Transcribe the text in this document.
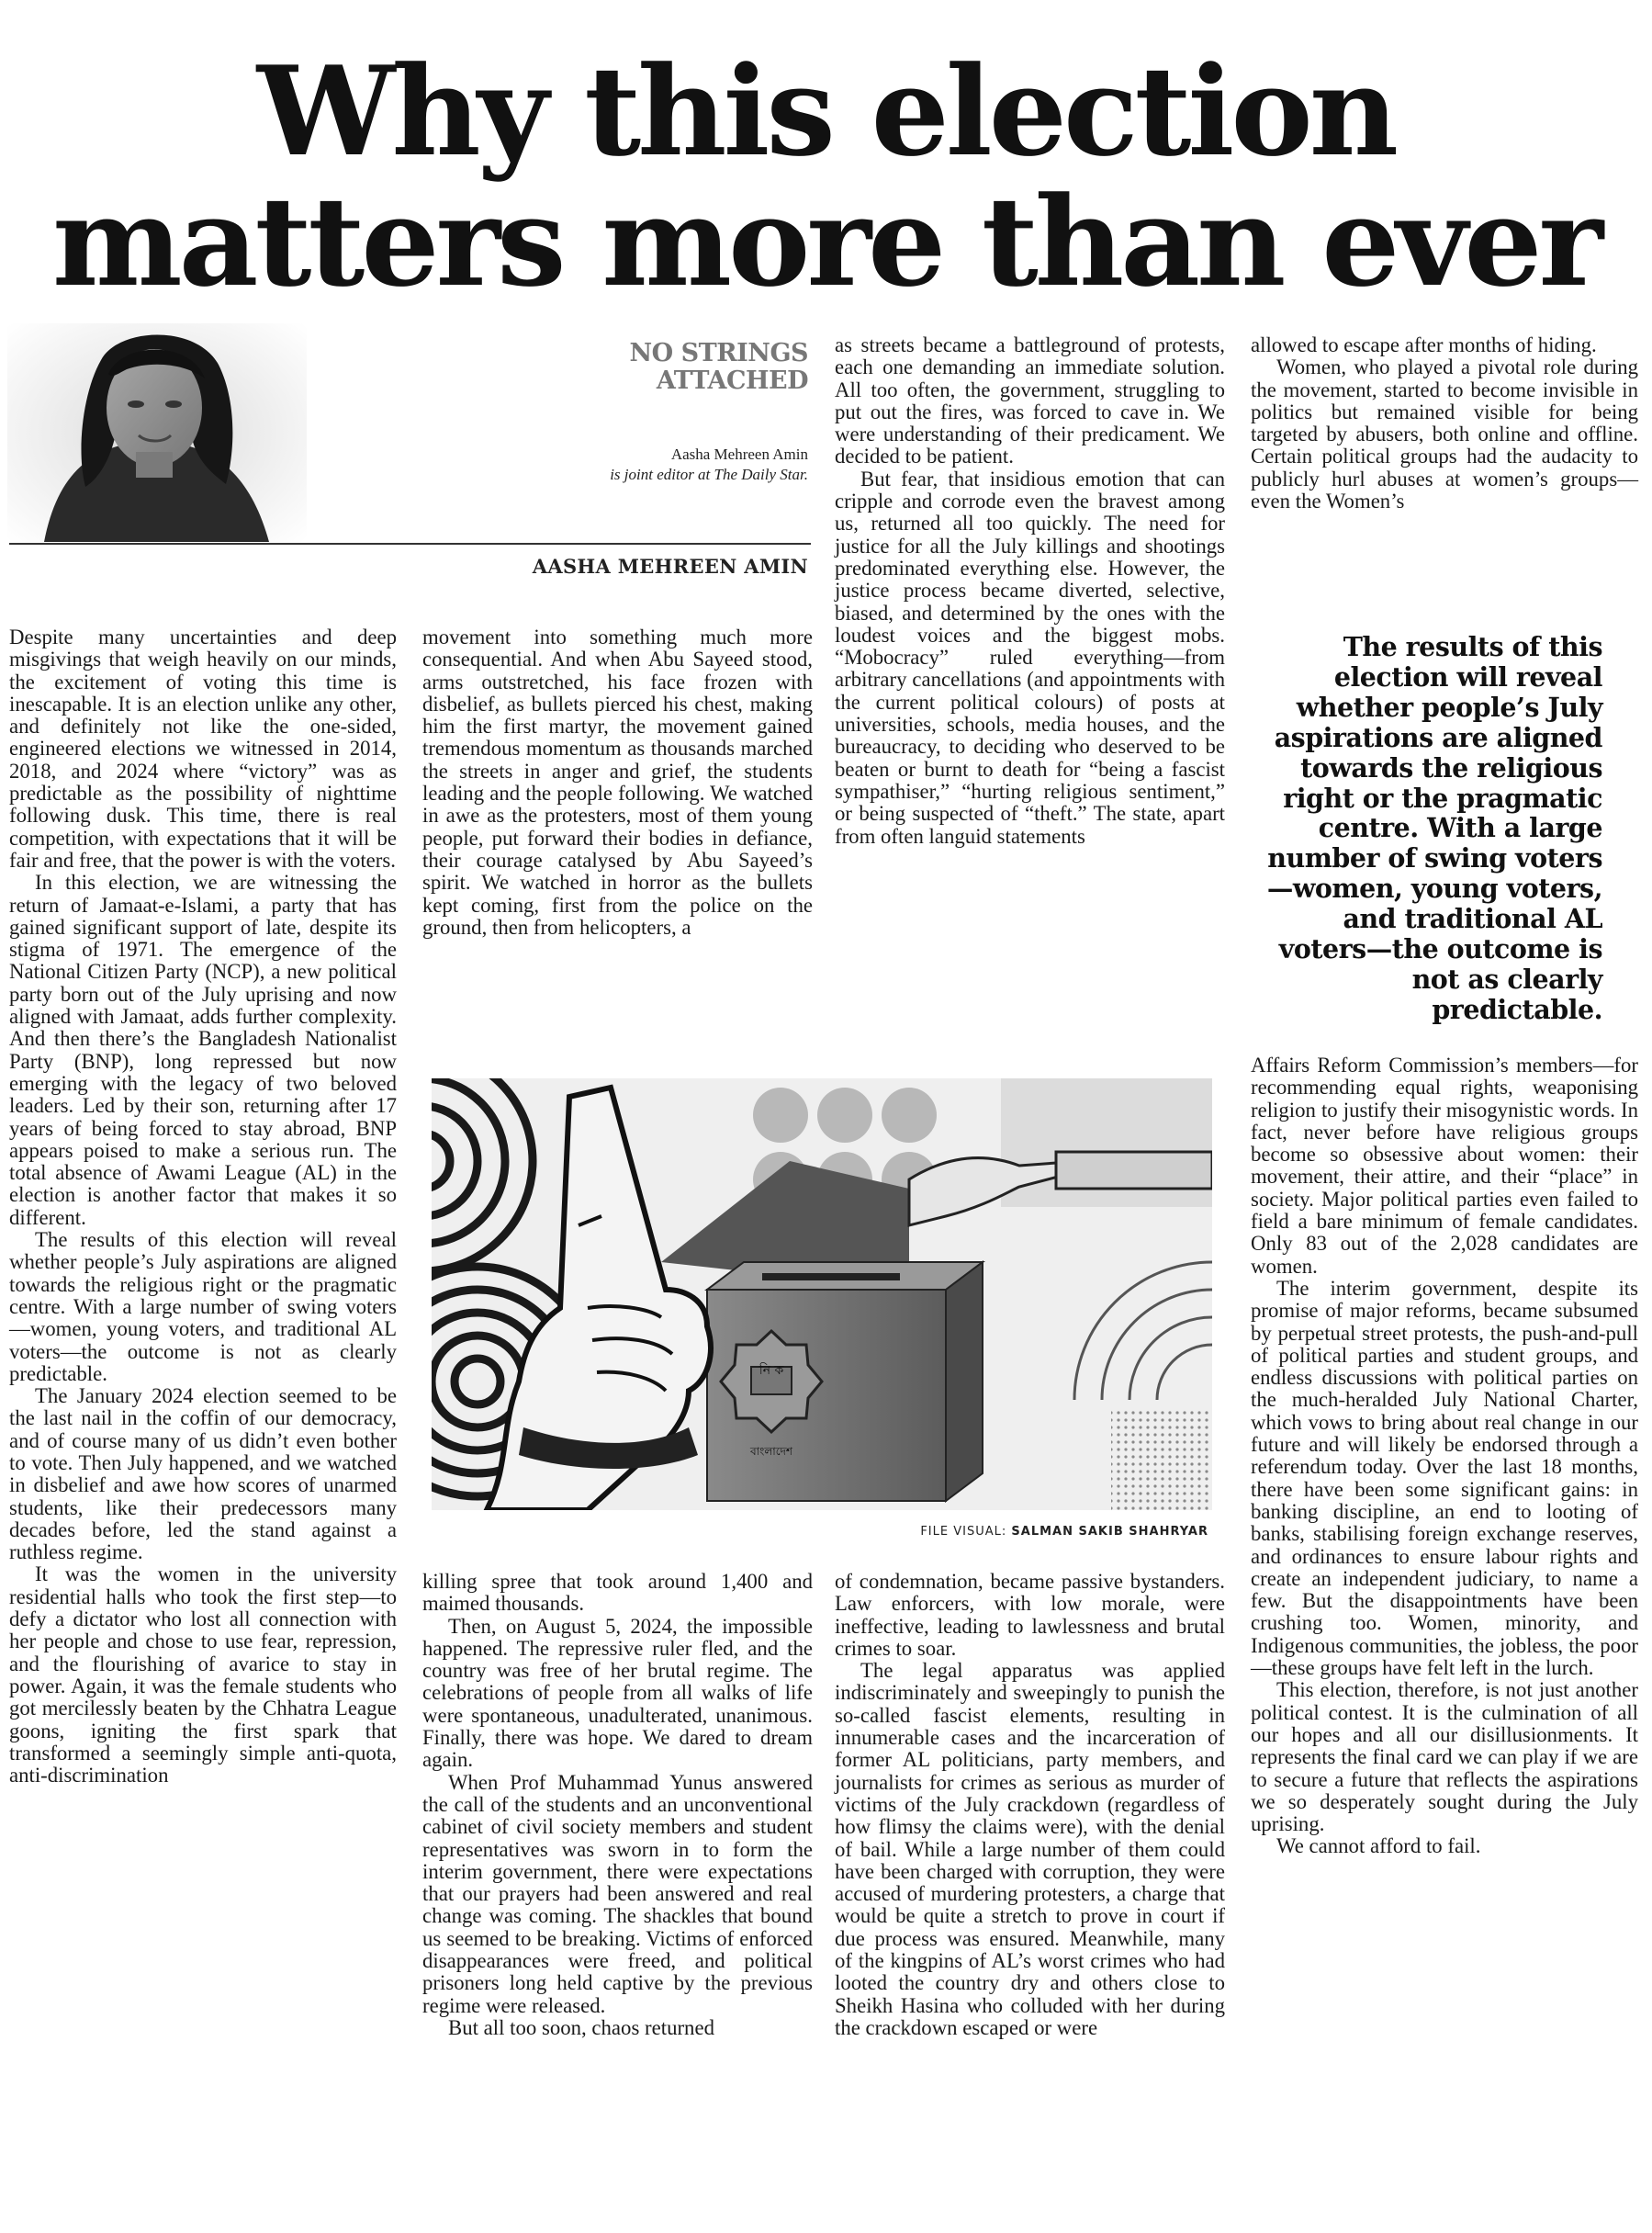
Why this election
matters more than ever
NO STRINGS
ATTACHED
Aasha Mehreen Amin
is joint editor at The Daily Star.
AASHA MEHREEN AMIN

Despite many uncertainties and deep misgivings that weigh heavily on our minds, the excitement of voting this time is inescapable. It is an election unlike any other, and definitely not like the one-sided, engineered elections we witnessed in 2014, 2018, and 2024 where “victory” was as predictable as the possibility of nighttime following dusk. This time, there is real competition, with expectations that it will be fair and free, that the power is with the voters.

In this election, we are witnessing the return of Jamaat-e-Islami, a party that has gained significant support of late, despite its stigma of 1971. The emergence of the National Citizen Party (NCP), a new political party born out of the July uprising and now aligned with Jamaat, adds further complexity. And then there’s the Bangladesh Nationalist Party (BNP), long repressed but now emerging with the legacy of two beloved leaders. Led by their son, returning after 17 years of being forced to stay abroad, BNP appears poised to make a serious run. The total absence of Awami League (AL) in the election is another factor that makes it so different.

The results of this election will reveal whether people’s July aspirations are aligned towards the religious right or the pragmatic centre. With a large number of swing voters—women, young voters, and traditional AL voters—the outcome is not as clearly predictable.

The January 2024 election seemed to be the last nail in the coffin of our democracy, and of course many of us didn’t even bother to vote. Then July happened, and we watched in disbelief and awe how scores of unarmed students, like their predecessors many decades before, led the stand against a ruthless regime.

It was the women in the university residential halls who took the first step—to defy a dictator who lost all connection with her people and chose to use fear, repression, and the flourishing of avarice to stay in power. Again, it was the female students who got mercilessly beaten by the Chhatra League goons, igniting the first spark that transformed a seemingly simple anti-quota, anti-discrimination

movement into something much more consequential. And when Abu Sayeed stood, arms outstretched, his face frozen with disbelief, as bullets pierced his chest, making him the first martyr, the movement gained tremendous momentum as thousands marched the streets in anger and grief, the students leading and the people following. We watched in awe as the protesters, most of them young people, put forward their bodies in defiance, their courage catalysed by Abu Sayeed’s spirit. We watched in horror as the bullets kept coming, first from the police on the ground, then from helicopters, a

as streets became a battleground of protests, each one demanding an immediate solution. All too often, the government, struggling to put out the fires, was forced to cave in. We were understanding of their predicament. We decided to be patient.

But fear, that insidious emotion that can cripple and corrode even the bravest among us, returned all too quickly. The need for justice for all the July killings and shootings predominated everything else. However, the justice process became diverted, selective, biased, and determined by the ones with the loudest voices and the biggest mobs. “Mobocracy” ruled everything—from arbitrary cancellations (and appointments with the current political colours) of posts at universities, schools, media houses, and the bureaucracy, to deciding who deserved to be beaten or burnt to death for “being a fascist sympathiser,” “hurting religious sentiment,” or being suspected of “theft.” The state, apart from often languid statements

allowed to escape after months of hiding.

Women, who played a pivotal role during the movement, started to become invisible in politics but remained visible for being targeted by abusers, both online and offline. Certain political groups had the audacity to publicly hurl abuses at women’s groups—even the Women’s

The results of this election will reveal whether people’s July aspirations are aligned towards the religious right or the pragmatic centre. With a large number of swing voters—women, young voters, and traditional AL voters—the outcome is not as clearly predictable.

Affairs Reform Commission’s members—for recommending equal rights, weaponising religion to justify their misogynistic words. In fact, never before have religious groups become so obsessive about women: their movement, their attire, and their “place” in society. Major political parties even failed to field a bare minimum of female candidates. Only 83 out of the 2,028 candidates are women.

The interim government, despite its promise of major reforms, became subsumed by perpetual street protests, the push-and-pull of political parties and student groups, and endless discussions with political parties on the much-heralded July National Charter, which vows to bring about real change in our future and will likely be endorsed through a referendum today. Over the last 18 months, there have been some significant gains: in banking discipline, an end to looting of banks, stabilising foreign exchange reserves, and ordinances to ensure labour rights and create an independent judiciary, to name a few. But the disappointments have been crushing too. Women, minority, and Indigenous communities, the jobless, the poor—these groups have felt left in the lurch.

This election, therefore, is not just another political contest. It is the culmination of all our hopes and all our disillusionments. It represents the final card we can play if we are to secure a future that reflects the aspirations we so desperately sought during the July uprising.

We cannot afford to fail.

নি ক
বাংলাদেশ
FILE VISUAL: SALMAN SAKIB SHAHRYAR

killing spree that took around 1,400 and maimed thousands.

Then, on August 5, 2024, the impossible happened. The repressive ruler fled, and the country was free of her brutal regime. The celebrations of people from all walks of life were spontaneous, unadulterated, unanimous. Finally, there was hope. We dared to dream again.

When Prof Muhammad Yunus answered the call of the students and an unconventional cabinet of civil society members and student representatives was sworn in to form the interim government, there were expectations that our prayers had been answered and real change was coming. The shackles that bound us seemed to be breaking. Victims of enforced disappearances were freed, and political prisoners long held captive by the previous regime were released.

But all too soon, chaos returned

of condemnation, became passive bystanders. Law enforcers, with low morale, were ineffective, leading to lawlessness and brutal crimes to soar.

The legal apparatus was applied indiscriminately and sweepingly to punish the so-called fascist elements, resulting in innumerable cases and the incarceration of former AL politicians, party members, and journalists for crimes as serious as murder of victims of the July crackdown (regardless of how flimsy the claims were), with the denial of bail. While a large number of them could have been charged with corruption, they were accused of murdering protesters, a charge that would be quite a stretch to prove in court if due process was ensured. Meanwhile, many of the kingpins of AL’s worst crimes who had looted the country dry and others close to Sheikh Hasina who colluded with her during the crackdown escaped or were
